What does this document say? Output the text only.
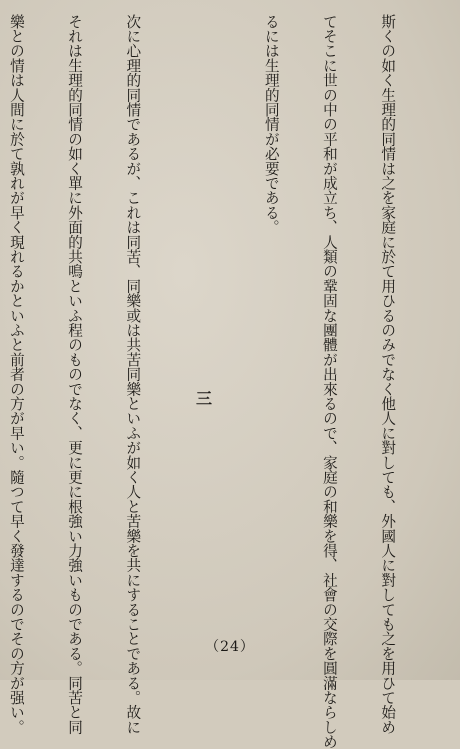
斯くの如く生理的同情は之を家庭に於て用ひるのみでなく他人に對しても、外國人に對しても之を用ひて始め

てそこに世の中の平和が成立ち、人類の鞏固な團體が出來るので、家庭の和樂を得、社會の交際を圓滿ならしめ

るには生理的同情が必要である。

三

次に心理的同情であるが、これは同苦、同樂或は共苦同樂といふが如く人と苦樂を共にすることである。故に

それは生理的同情の如く單に外面的共鳴といふ程のものでなく、更に更に根強い力強いものである。同苦と同

樂との情は人間に於て孰れが早く現れるかといふと前者の方が早い。隨つて早く發達するのでその方が强い。

	（24）
